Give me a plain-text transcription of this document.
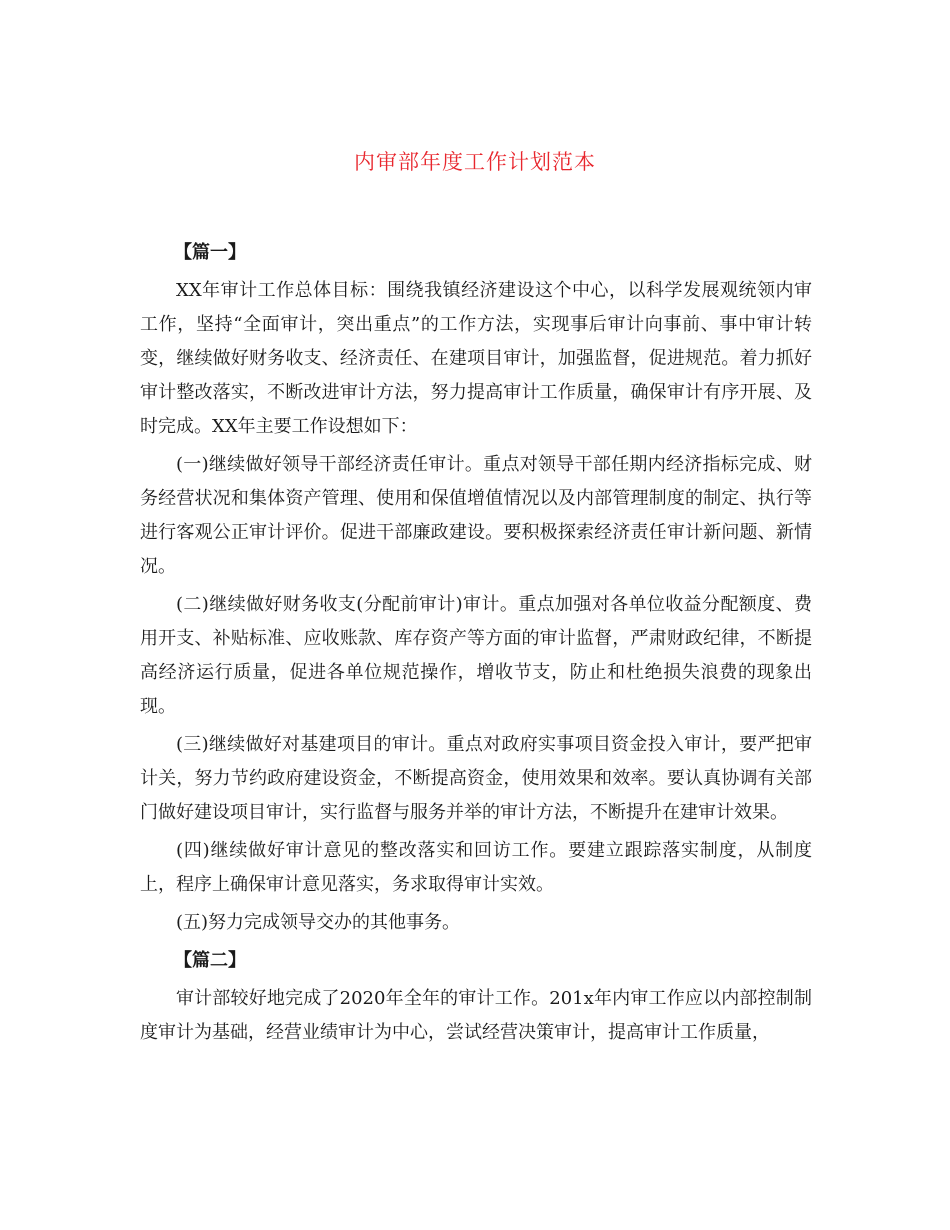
内审部年度工作计划范本

【篇一】

XX年审计工作总体目标：围绕我镇经济建设这个中心，以科学发展观统领内审工作，坚持“全面审计，突出重点”的工作方法，实现事后审计向事前、事中审计转变，继续做好财务收支、经济责任、在建项目审计，加强监督，促进规范。着力抓好审计整改落实，不断改进审计方法，努力提高审计工作质量，确保审计有序开展、及时完成。XX年主要工作设想如下：

(一)继续做好领导干部经济责任审计。重点对领导干部任期内经济指标完成、财务经营状况和集体资产管理、使用和保值增值情况以及内部管理制度的制定、执行等进行客观公正审计评价。促进干部廉政建设。要积极探索经济责任审计新问题、新情况。

(二)继续做好财务收支(分配前审计)审计。重点加强对各单位收益分配额度、费用开支、补贴标准、应收账款、库存资产等方面的审计监督，严肃财政纪律，不断提高经济运行质量，促进各单位规范操作，增收节支，防止和杜绝损失浪费的现象出现。

(三)继续做好对基建项目的审计。重点对政府实事项目资金投入审计，要严把审计关，努力节约政府建设资金，不断提高资金，使用效果和效率。要认真协调有关部门做好建设项目审计，实行监督与服务并举的审计方法，不断提升在建审计效果。

(四)继续做好审计意见的整改落实和回访工作。要建立跟踪落实制度，从制度上，程序上确保审计意见落实，务求取得审计实效。

(五)努力完成领导交办的其他事务。

【篇二】

审计部较好地完成了2020年全年的审计工作。201x年内审工作应以内部控制制度审计为基础，经营业绩审计为中心，尝试经营决策审计，提高审计工作质量，
